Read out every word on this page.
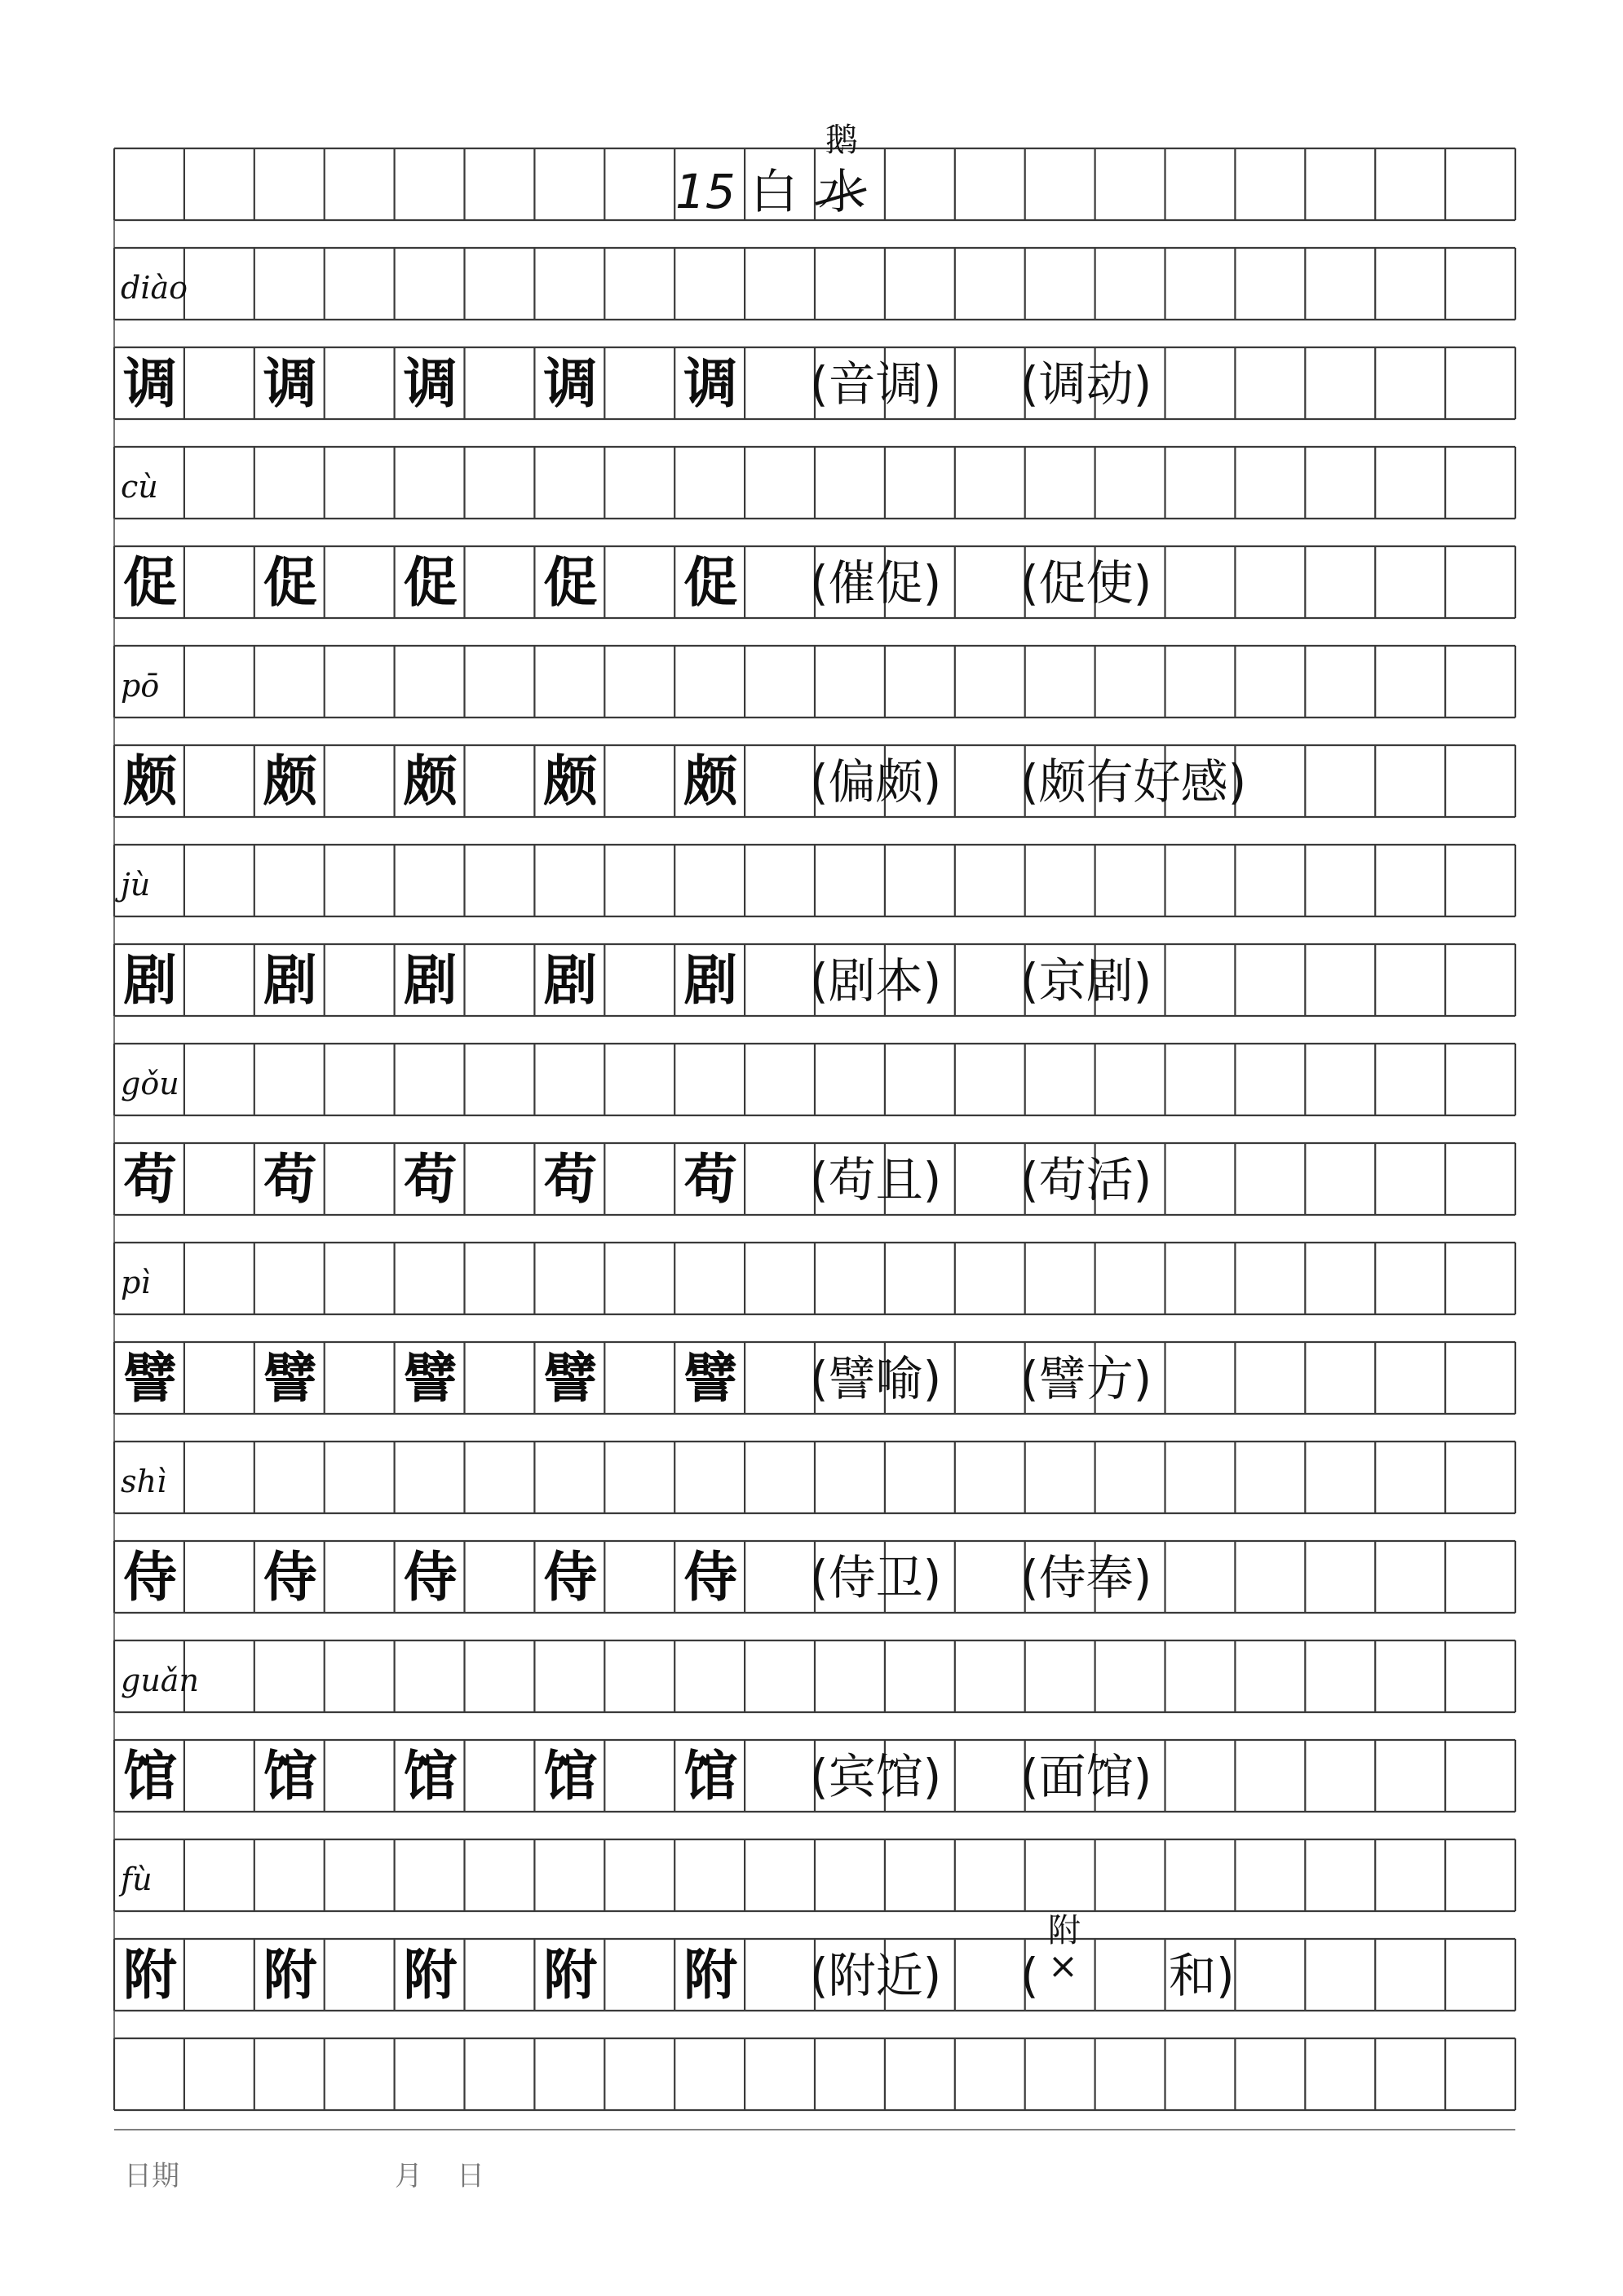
15 白 水
鹅
diào
调 调 调 调 调 (音调) (调动)
cù
促 促 促 促 促 (催促) (促使)
pō
颇 颇 颇 颇 颇 (偏颇) (颇有好感)
jù
剧 剧 剧 剧 剧 (剧本) (京剧)
gǒu
苟 苟 苟 苟 苟 (苟且) (苟活)
pì
譬 譬 譬 譬 譬 (譬喻) (譬方)
shì
侍 侍 侍 侍 侍 (侍卫) (侍奉)
guǎn
馆 馆 馆 馆 馆 (宾馆) (面馆)
fù
附 附 附 附 附 (附近) (	和)
附
×
日期	月 日
